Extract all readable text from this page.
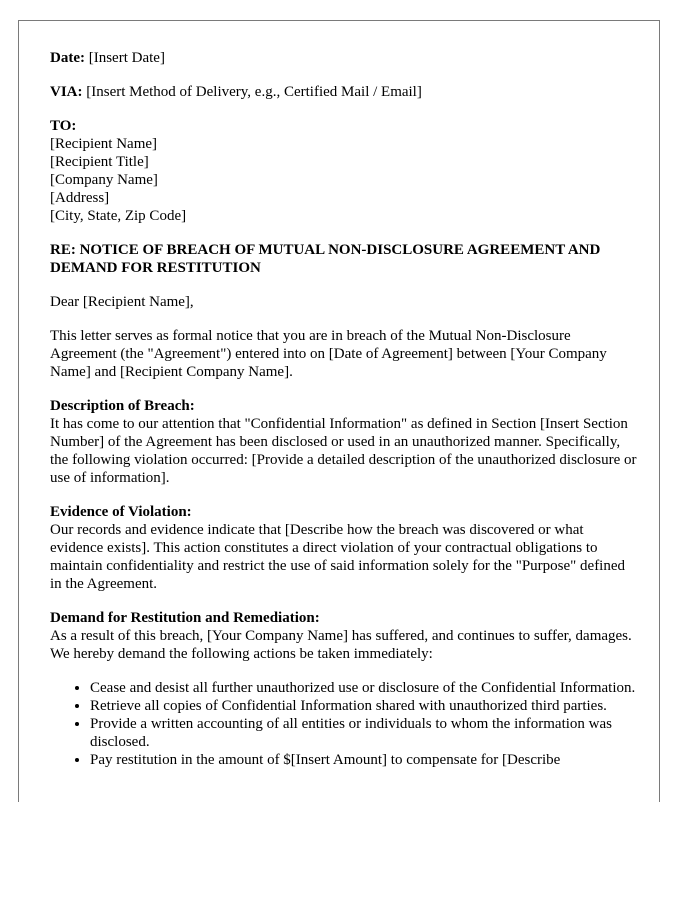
Date: [Insert Date]

VIA: [Insert Method of Delivery, e.g., Certified Mail / Email]

TO:
[Recipient Name]
[Recipient Title]
[Company Name]
[Address]
[City, State, Zip Code]

RE: NOTICE OF BREACH OF MUTUAL NON-DISCLOSURE AGREEMENT AND DEMAND FOR RESTITUTION

Dear [Recipient Name],

This letter serves as formal notice that you are in breach of the Mutual Non-Disclosure Agreement (the "Agreement") entered into on [Date of Agreement] between [Your Company Name] and [Recipient Company Name].

Description of Breach:
It has come to our attention that "Confidential Information" as defined in Section [Insert Section Number] of the Agreement has been disclosed or used in an unauthorized manner. Specifically, the following violation occurred: [Provide a detailed description of the unauthorized disclosure or use of information].
Evidence of Violation:
Our records and evidence indicate that [Describe how the breach was discovered or what evidence exists]. This action constitutes a direct violation of your contractual obligations to maintain confidentiality and restrict the use of said information solely for the "Purpose" defined in the Agreement.
Demand for Restitution and Remediation:
As a result of this breach, [Your Company Name] has suffered, and continues to suffer, damages. We hereby demand the following actions be taken immediately:
• Cease and desist all further unauthorized use or disclosure of the Confidential Information.
• Retrieve all copies of Confidential Information shared with unauthorized third parties.
• Provide a written accounting of all entities or individuals to whom the information was disclosed.
• Pay restitution in the amount of $[Insert Amount] to compensate for [Describe
